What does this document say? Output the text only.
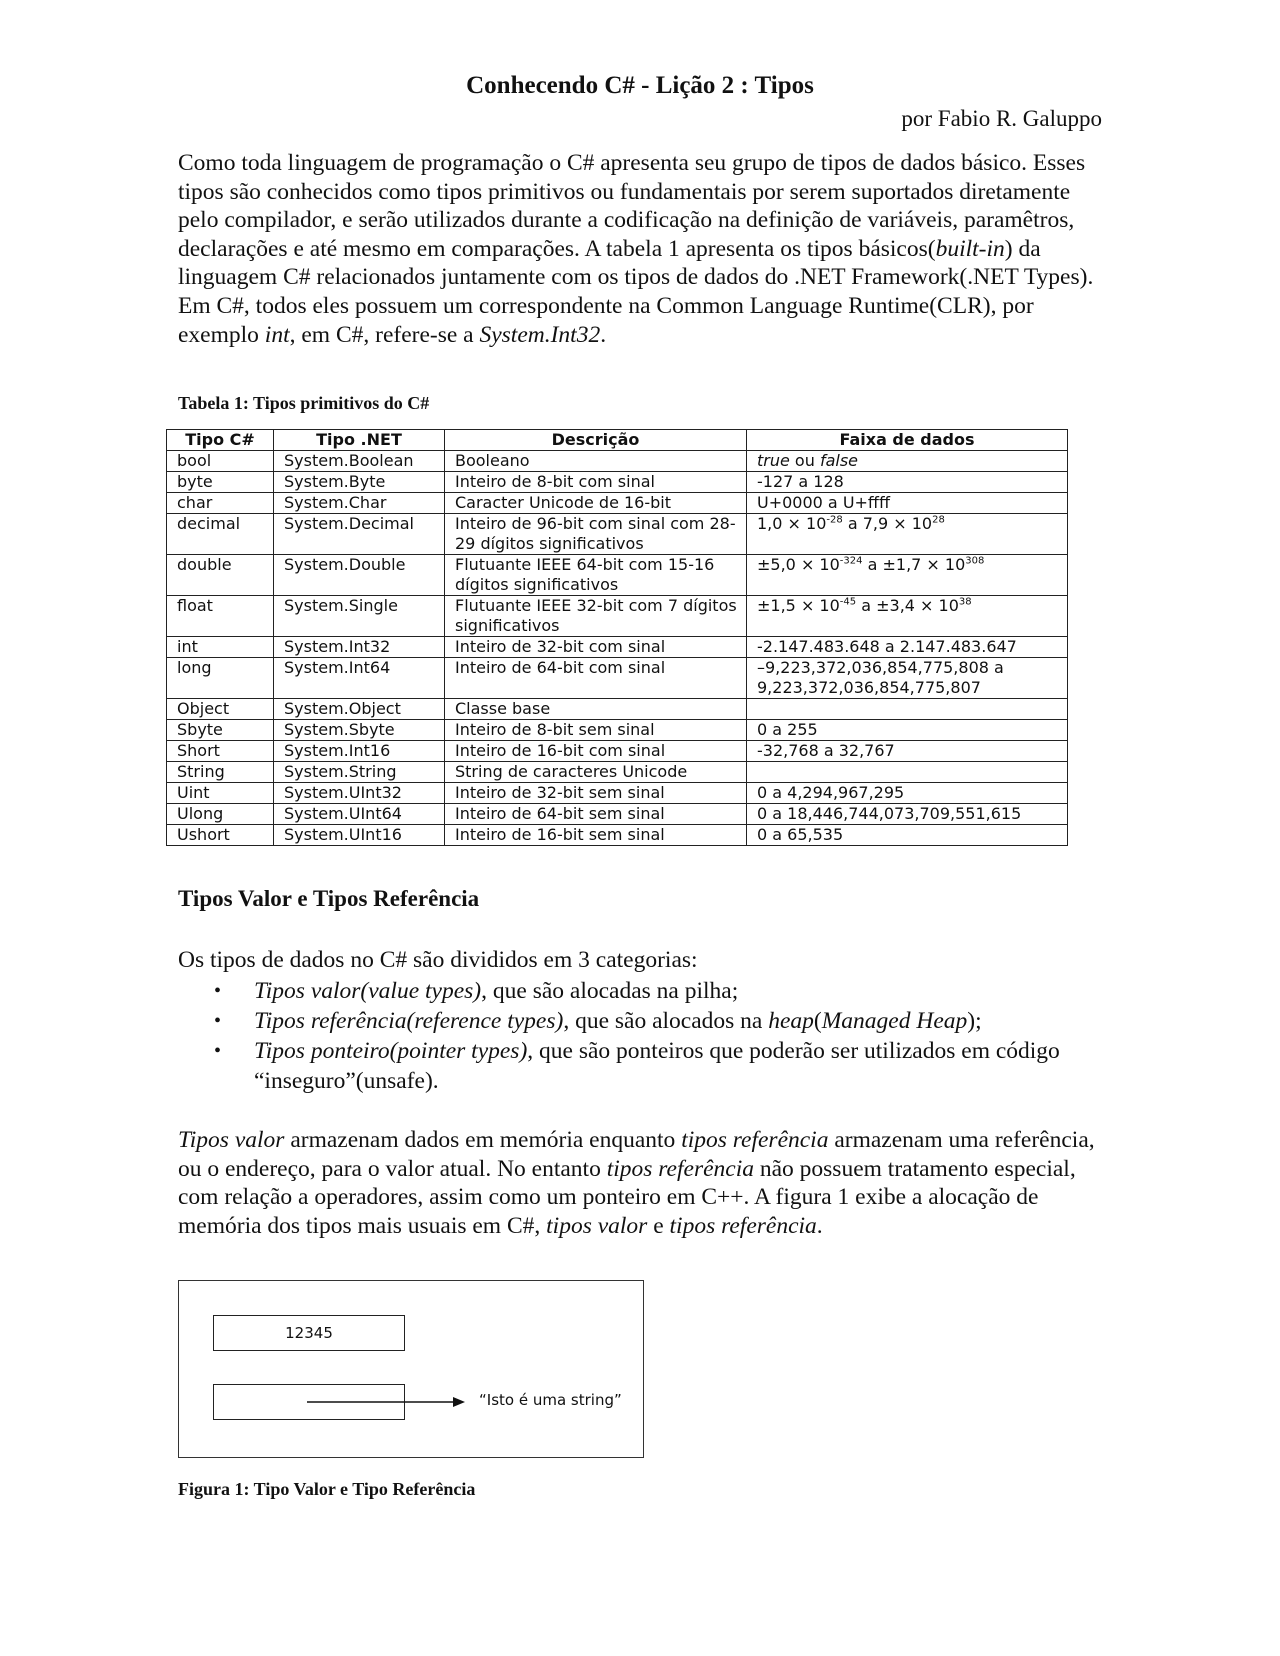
Conhecendo C# - Lição 2 : Tipos
por Fabio R. Galuppo

Como toda linguagem de programação o C# apresenta seu grupo de tipos de dados básico. Esses tipos são conhecidos como tipos primitivos ou fundamentais por serem suportados diretamente pelo compilador, e serão utilizados durante a codificação na definição de variáveis, paramêtros, declarações e até mesmo em comparações. A tabela 1 apresenta os tipos básicos(built-in) da linguagem C# relacionados juntamente com os tipos de dados do .NET Framework(.NET Types). Em C#, todos eles possuem um correspondente na Common Language Runtime(CLR), por exemplo int, em C#, refere-se a System.Int32.

Tabela 1: Tipos primitivos do C#
Tipo C#	Tipo .NET	Descrição	Faixa de dados
bool	System.Boolean	Booleano	true ou false
byte	System.Byte	Inteiro de 8-bit com sinal	-127 a 128
char	System.Char	Caracter Unicode de 16-bit	U+0000 a U+ffff
decimal	System.Decimal	Inteiro de 96-bit com sinal com 28-29 dígitos significativos	$1,0 \times 10^{-28}$ a $7,9 \times 10^{28}$
double	System.Double	Flutuante IEEE 64-bit com 15-16 dígitos significativos	$\pm 5,0 \times 10^{-324}$ $a \pm 1,7 \times 10^{308}$
float	System.Single	Flutuante IEEE 32-bit com 7 dígitos significativos	$\pm 1,5 \times 10^{-45}$ $a \pm 3,4 \times 10^{38}$
int	System.Int32	Inteiro de 32-bit com sinal	-2.147.483.648 a 2.147.483.647
long	System.Int64	Inteiro de 64-bit com sinal	–9,223,372,036,854,775,808 a 9,223,372,036,854,775,807
Object	System.Object	Classe base	
Sbyte	System.Sbyte	Inteiro de 8-bit sem sinal	0 a 255
Short	System.Int16	Inteiro de 16-bit com sinal	-32,768 a 32,767
String	System.String	String de caracteres Unicode	
Uint	System.UInt32	Inteiro de 32-bit sem sinal	0 a 4,294,967,295
Ulong	System.UInt64	Inteiro de 64-bit sem sinal	0 a 18,446,744,073,709,551,615
Ushort	System.UInt16	Inteiro de 16-bit sem sinal	0 a 65,535
Tipos Valor e Tipos Referência

Os tipos de dados no C# são divididos em 3 categorias:

• Tipos valor(value types), que são alocadas na pilha;
• Tipos referência(reference types), que são alocados na heap(Managed Heap);
• Tipos ponteiro(pointer types), que são ponteiros que poderão ser utilizados em código “inseguro”(unsafe).

Tipos valor armazenam dados em memória enquanto tipos referência armazenam uma referência, ou o endereço, para o valor atual. No entanto tipos referência não possuem tratamento especial, com relação a operadores, assim como um ponteiro em C++. A figura 1 exibe a alocação de memória dos tipos mais usuais em C#, tipos valor e tipos referência.

12345
“Isto é uma string”
Figura 1: Tipo Valor e Tipo Referência
